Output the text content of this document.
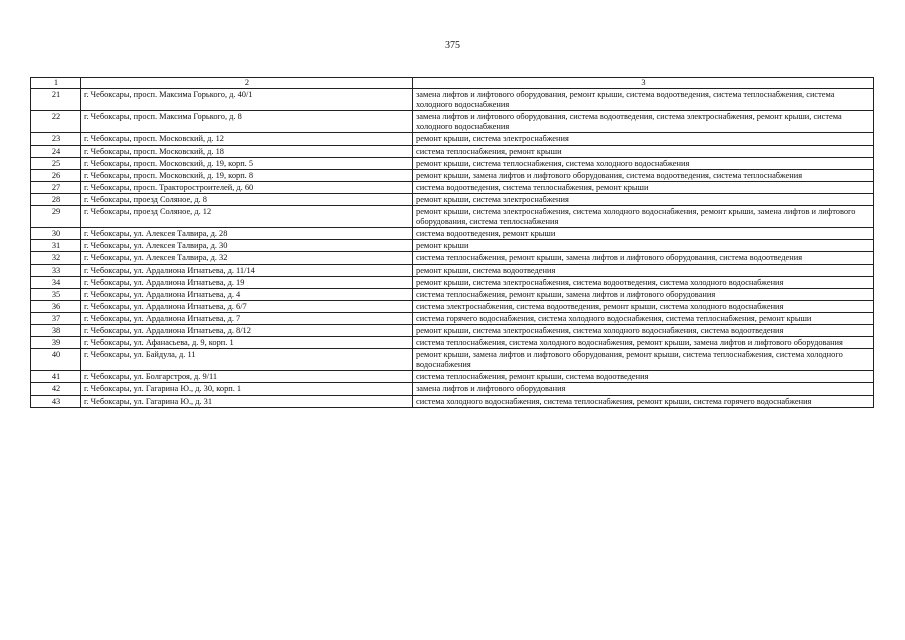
375
1	2	3
21	г. Чебоксары, просп. Максима Горького, д. 40/1	замена лифтов и лифтового оборудования, ремонт крыши, система водоотведения, система теплоснабжения, система холодного водоснабжения
22	г. Чебоксары, просп. Максима Горького, д. 8	замена лифтов и лифтового оборудования, система водоотведения, система электроснабжения, ремонт крыши, система холодного водоснабжения
23	г. Чебоксары, просп. Московский, д. 12	ремонт крыши, система электроснабжения
24	г. Чебоксары, просп. Московский, д. 18	система теплоснабжения, ремонт крыши
25	г. Чебоксары, просп. Московский, д. 19, корп. 5	ремонт крыши, система теплоснабжения, система холодного водоснабжения
26	г. Чебоксары, просп. Московский, д. 19, корп. 8	ремонт крыши, замена лифтов и лифтового оборудования, система водоотведения, система теплоснабжения
27	г. Чебоксары, просп. Тракторостроителей, д. 60	система водоотведения, система теплоснабжения, ремонт крыши
28	г. Чебоксары, проезд Соляное, д. 8	ремонт крыши, система электроснабжения
29	г. Чебоксары, проезд Соляное, д. 12	ремонт крыши, система электроснабжения, система холодного водоснабжения, ремонт крыши, замена лифтов и лифтового оборудования, система теплоснабжения
30	г. Чебоксары, ул. Алексея Талвира, д. 28	система водоотведения, ремонт крыши
31	г. Чебоксары, ул. Алексея Талвира, д. 30	ремонт крыши
32	г. Чебоксары, ул. Алексея Талвира, д. 32	система теплоснабжения, ремонт крыши, замена лифтов и лифтового оборудования, система водоотведения
33	г. Чебоксары, ул. Ардалиона Игнатьева, д. 11/14	ремонт крыши, система водоотведения
34	г. Чебоксары, ул. Ардалиона Игнатьева, д. 19	ремонт крыши, система электроснабжения, система водоотведения, система холодного водоснабжения
35	г. Чебоксары, ул. Ардалиона Игнатьева, д. 4	система теплоснабжения, ремонт крыши, замена лифтов и лифтового оборудования
36	г. Чебоксары, ул. Ардалиона Игнатьева, д. 6/7	система электроснабжения, система водоотведения, ремонт крыши, система холодного водоснабжения
37	г. Чебоксары, ул. Ардалиона Игнатьева, д. 7	система горячего водоснабжения, система холодного водоснабжения, система теплоснабжения, ремонт крыши
38	г. Чебоксары, ул. Ардалиона Игнатьева, д. 8/12	ремонт крыши, система электроснабжения, система холодного водоснабжения, система водоотведения
39	г. Чебоксары, ул. Афанасьева, д. 9, корп. 1	система теплоснабжения, система холодного водоснабжения, ремонт крыши, замена лифтов и лифтового оборудования
40	г. Чебоксары, ул. Байдула, д. 11	ремонт крыши, замена лифтов и лифтового оборудования, ремонт крыши, система теплоснабжения, система холодного водоснабжения
41	г. Чебоксары, ул. Болгарстроя, д. 9/11	система теплоснабжения, ремонт крыши, система водоотведения
42	г. Чебоксары, ул. Гагарина Ю., д. 30, корп. 1	замена лифтов и лифтового оборудования
43	г. Чебоксары, ул. Гагарина Ю., д. 31	система холодного водоснабжения, система теплоснабжения, ремонт крыши, система горячего водоснабжения
